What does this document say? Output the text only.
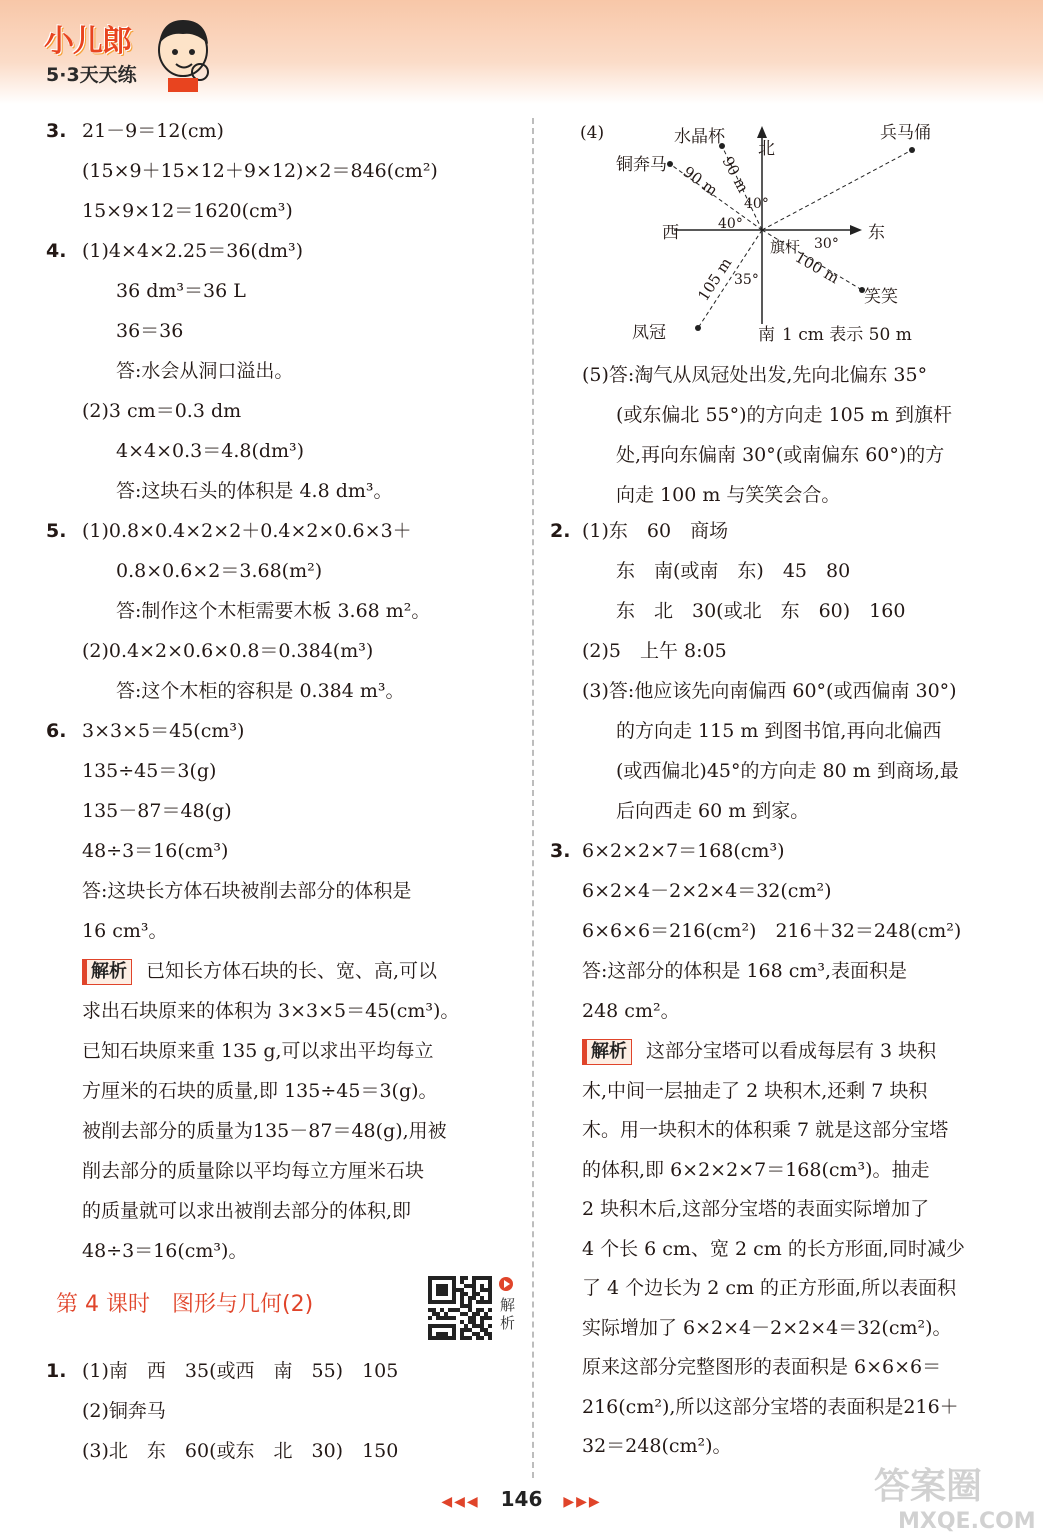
小儿郎
5·3天天练
3. 21－9＝12(cm)
(15×9＋15×12＋9×12)×2＝846(cm²)
15×9×12＝1620(cm³)
4. (1)4×4×2.25＝36(dm³)
36 dm³＝36 L
36＝36
答:水会从洞口溢出。
(2)3 cm＝0.3 dm
4×4×0.3＝4.8(dm³)
答:这块石头的体积是 4.8 dm³。
5. (1)0.8×0.4×2×2＋0.4×2×0.6×3＋
0.8×0.6×2＝3.68(m²)
答:制作这个木柜需要木板 3.68 m²。
(2)0.4×2×0.6×0.8＝0.384(m³)
答:这个木柜的容积是 0.384 m³。
6. 3×3×5＝45(cm³)
135÷45＝3(g)
135－87＝48(g)
48÷3＝16(cm³)
答:这块长方体石块被削去部分的体积是
16 cm³。
解析 已知长方体石块的长、宽、高,可以
求出石块原来的体积为 3×3×5＝45(cm³)。
已知石块原来重 135 g,可以求出平均每立
方厘米的石块的质量,即 135÷45＝3(g)。
被削去部分的质量为135－87＝48(g),用被
削去部分的质量除以平均每立方厘米石块
的质量就可以求出被削去部分的体积,即
48÷3＝16(cm³)。
第 4 课时　图形与几何(2)	解析
1. (1)南　西　35(或西　南　55)　105
(2)铜奔马
(3)北　东　60(或东　北　30)　150
(4)
北
南
东
西
水晶杯
铜奔马
兵马俑
笑笑
凤冠
旗杆
90 m
90 m
105 m	100 m
40°
40°
30°
35°
1 cm 表示 50 m
(5)答:淘气从凤冠处出发,先向北偏东 35°
(或东偏北 55°)的方向走 105 m 到旗杆
处,再向东偏南 30°(或南偏东 60°)的方
向走 100 m 与笑笑会合。
2. (1)东　60　商场
东　南(或南　东)　45　80
东　北　30(或北　东　60)　160
(2)5　上午 8:05
(3)答:他应该先向南偏西 60°(或西偏南 30°)
的方向走 115 m 到图书馆,再向北偏西
(或西偏北)45°的方向走 80 m 到商场,最
后向西走 60 m 到家。
3. 6×2×2×7＝168(cm³)
6×2×4－2×2×4＝32(cm²)
6×6×6＝216(cm²)　216＋32＝248(cm²)
答:这部分的体积是 168 cm³,表面积是
248 cm²。
解析 这部分宝塔可以看成每层有 3 块积
木,中间一层抽走了 2 块积木,还剩 7 块积
木。用一块积木的体积乘 7 就是这部分宝塔
的体积,即 6×2×2×7＝168(cm³)。抽走
2 块积木后,这部分宝塔的表面实际增加了
4 个长 6 cm、宽 2 cm 的长方形面,同时减少
了 4 个边长为 2 cm 的正方形面,所以表面积
实际增加了 6×2×4－2×2×4＝32(cm²)。
原来这部分完整图形的表面积是 6×6×6＝
216(cm²),所以这部分宝塔的表面积是216＋
32＝248(cm²)。
◀◀◀ 146 ▶▶▶	答案圈
MXQE.COM
